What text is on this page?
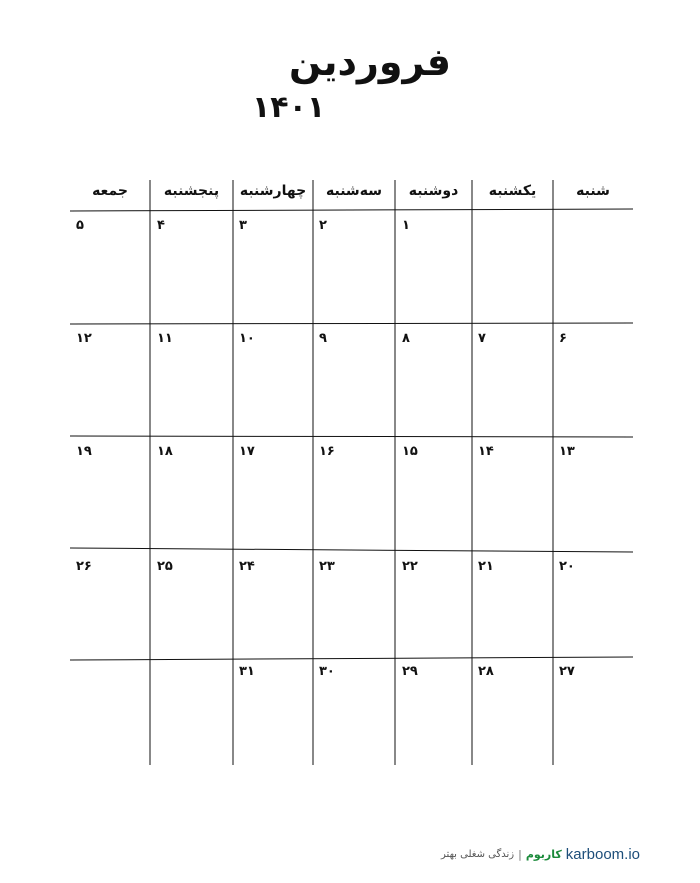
فروردین
۱۴۰۱
شنبه
یکشنبه
دوشنبه
سه‌شنبه
چهارشنبه
پنجشنبه
جمعه
۱
۲
۳
۴
۵
۶
۷
۸
۹
۱۰
۱۱
۱۲
۱۳
۱۴
۱۵
۱۶
۱۷
۱۸
۱۹
۲۰
۲۱
۲۲
۲۳
۲۴
۲۵
۲۶
۲۷
۲۸
۲۹
۳۰
۳۱
زندگی شغلی بهتر | کاربوم karboom.io
